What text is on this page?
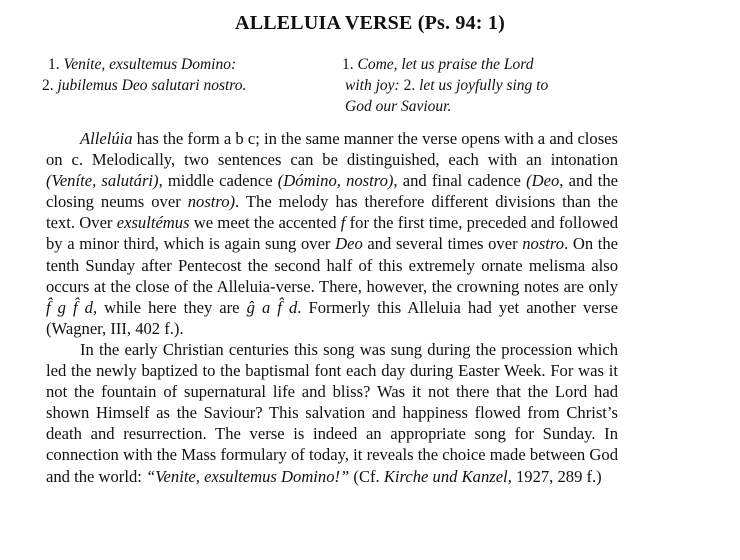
ALLELUIA VERSE (Ps. 94: 1)
1. Venite, exsultemus Domino:
2. jubilemus Deo salutari nostro.
1. Come, let us praise the Lord
with joy: 2. let us joyfully sing to
God our Saviour.

Allelúia has the form a b c; in the same manner the verse opens with a and closes on c. Melodically, two sentences can be distinguished, each with an intonation (Veníte, salutári), middle cadence (Dómino, nostro), and final cadence (Deo, and the closing neums over nostro). The melody has therefore different divisions than the text. Over exsultémus we meet the accented f for the first time, preceded and followed by a minor third, which is again sung over Deo and several times over nostro. On the tenth Sunday after Pentecost the second half of this extremely ornate melisma also occurs at the close of the Alleluia-verse. There, however, the crowning notes are only f̂ g f̂ d, while here they are ĝ a f̂ d. Formerly this Alleluia had yet another verse (Wagner, III, 402 f.).

In the early Christian centuries this song was sung during the procession which led the newly baptized to the baptismal font each day during Easter Week. For was it not the fountain of supernatural life and bliss? Was it not there that the Lord had shown Himself as the Saviour? This salvation and happiness flowed from Christ’s death and resurrection. The verse is indeed an appropriate song for Sunday. In connection with the Mass formulary of today, it reveals the choice made between God and the world: “Venite, exsultemus Domino!” (Cf. Kirche und Kanzel, 1927, 289 f.)
